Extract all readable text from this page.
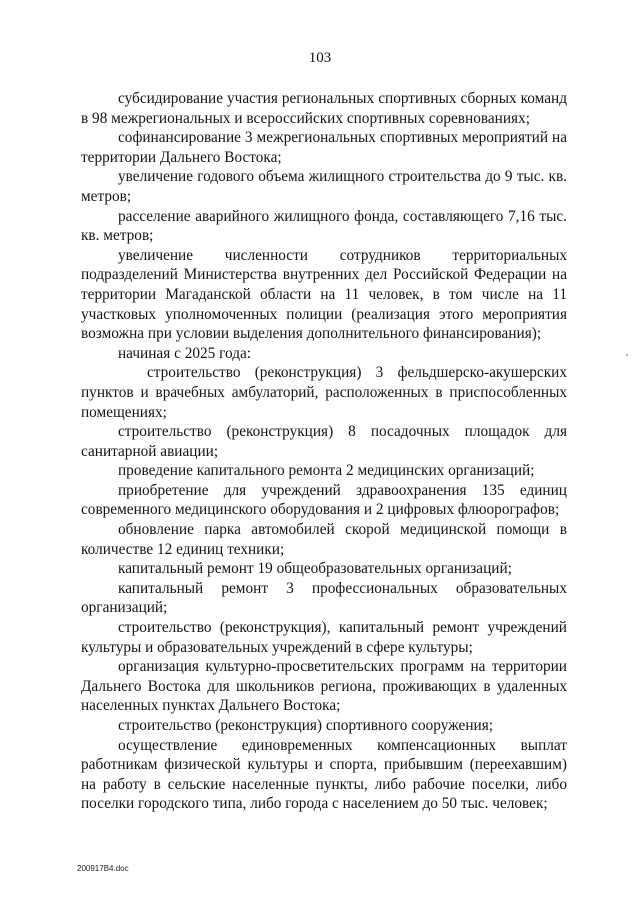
103

субсидирование участия региональных спортивных сборных команд в 98 межрегиональных и всероссийских спортивных соревнованиях;

софинансирование 3 межрегиональных спортивных мероприятий на территории Дальнего Востока;

увеличение годового объема жилищного строительства до 9 тыс. кв. метров;

расселение аварийного жилищного фонда, составляющего 7,16 тыс. кв. метров;

увеличение численности сотрудников территориальных подразделений Министерства внутренних дел Российской Федерации на территории Магаданской области на 11 человек, в том числе на 11 участковых уполномоченных полиции (реализация этого мероприятия возможна при условии выделения дополнительного финансирования);

начиная с 2025 года:

строительство (реконструкция) 3 фельдшерско-акушерских пунктов и врачебных амбулаторий, расположенных в приспособленных помещениях;

строительство (реконструкция) 8 посадочных площадок для санитарной авиации;

проведение капитального ремонта 2 медицинских организаций;

приобретение для учреждений здравоохранения 135 единиц современного медицинского оборудования и 2 цифровых флюорографов;

обновление парка автомобилей скорой медицинской помощи в количестве 12 единиц техники;

капитальный ремонт 19 общеобразовательных организаций;

капитальный ремонт 3 профессиональных образовательных организаций;

строительство (реконструкция), капитальный ремонт учреждений культуры и образовательных учреждений в сфере культуры;

организация культурно-просветительских программ на территории Дальнего Востока для школьников региона, проживающих в удаленных населенных пунктах Дальнего Востока;

строительство (реконструкция) спортивного сооружения;

осуществление единовременных компенсационных выплат работникам физической культуры и спорта, прибывшим (переехавшим) на работу в сельские населенные пункты, либо рабочие поселки, либо поселки городского типа, либо города с населением до 50 тыс. человек;

200917В4.doc
